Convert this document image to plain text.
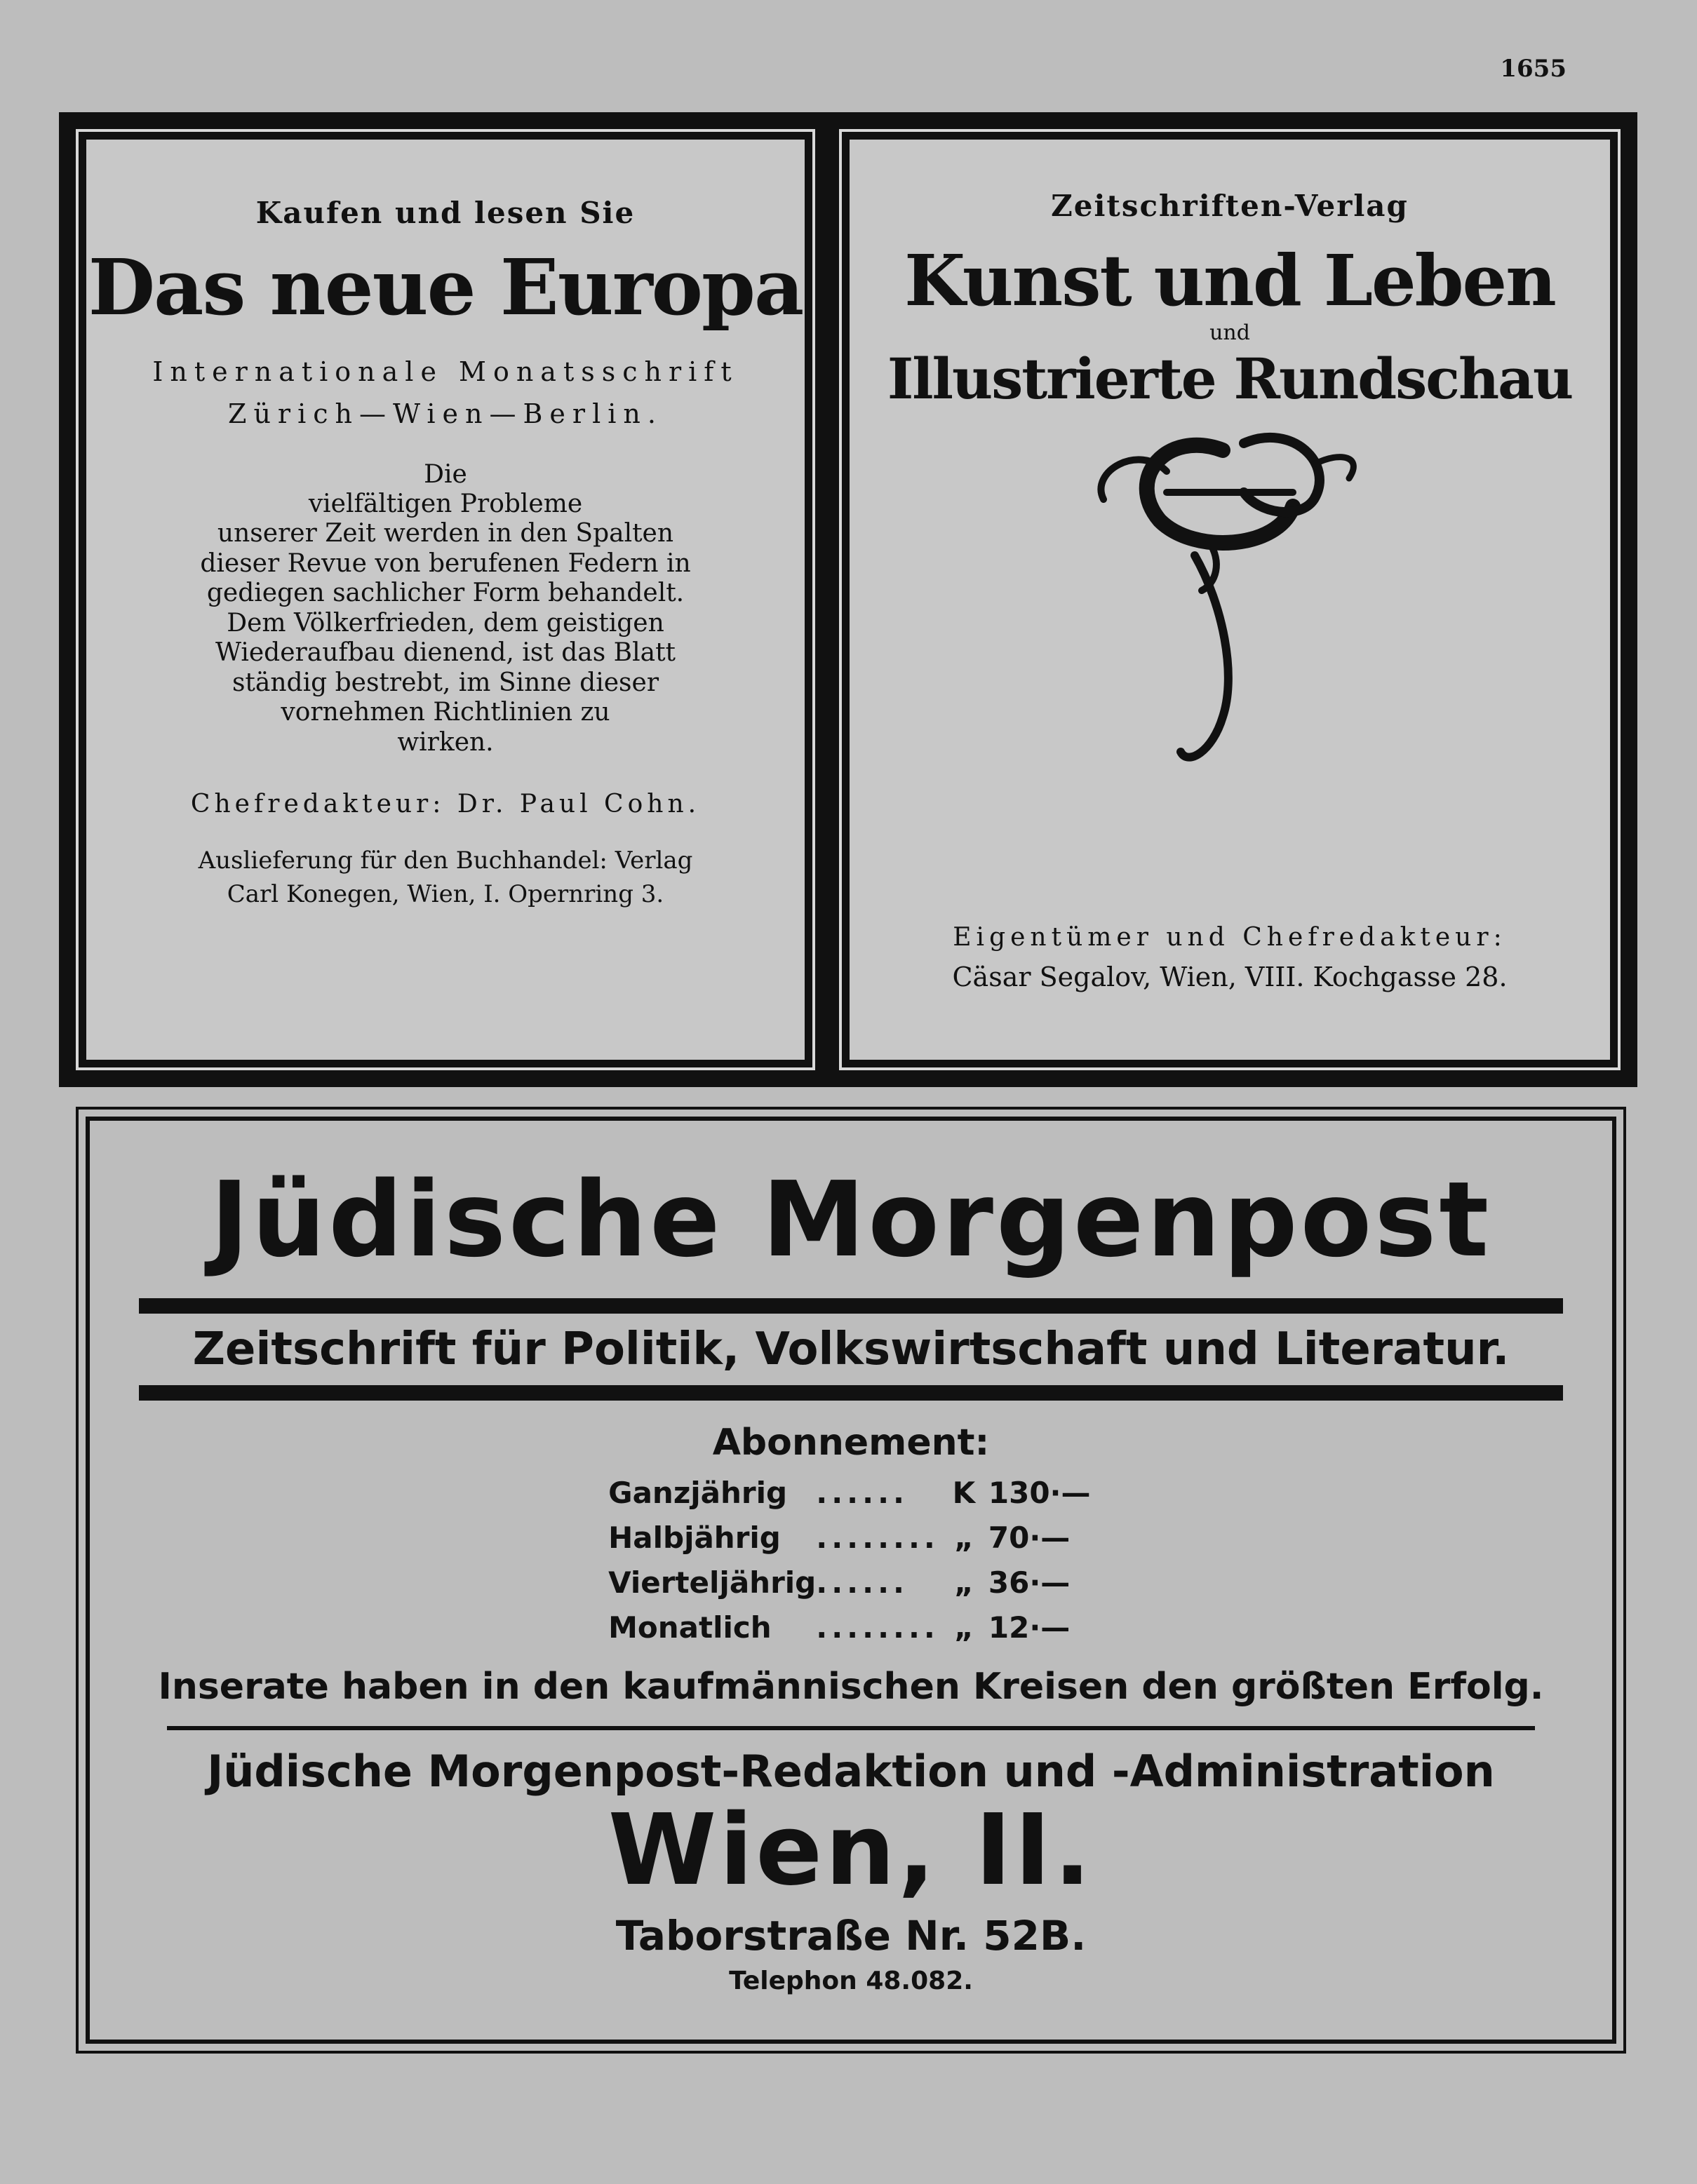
1655
Kaufen und lesen Sie
Das neue Europa
Internationale Monatsschrift
Zürich—Wien—Berlin.
Die
vielfältigen Probleme
unserer Zeit werden in den Spalten
dieser Revue von berufenen Federn in
gediegen sachlicher Form behandelt.
Dem Völkerfrieden, dem geistigen
Wiederaufbau dienend, ist das Blatt
ständig bestrebt, im Sinne dieser
vornehmen Richtlinien zu
wirken.
Chefredakteur: Dr. Paul Cohn.
Auslieferung für den Buchhandel: Verlag
Carl Konegen, Wien, I. Opernring 3.
Zeitschriften-Verlag
Kunst und Leben
und
Illustrierte Rundschau
Eigentümer und Chefredakteur:
Cäsar Segalov, Wien, VIII. Kochgasse 28.
Jüdische Morgenpost
Zeitschrift für Politik, Volkswirtschaft und Literatur.
Abonnement:
Ganzjährig	......	K	130·—
Halbjährig	........	„	70·—
Vierteljährig	......	„	36·—
Monatlich	........	„	12·—
Inserate haben in den kaufmännischen Kreisen den größten Erfolg.
Jüdische Morgenpost-Redaktion und -Administration
Wien, II.
Taborstraße Nr. 52B.
Telephon 48.082.
